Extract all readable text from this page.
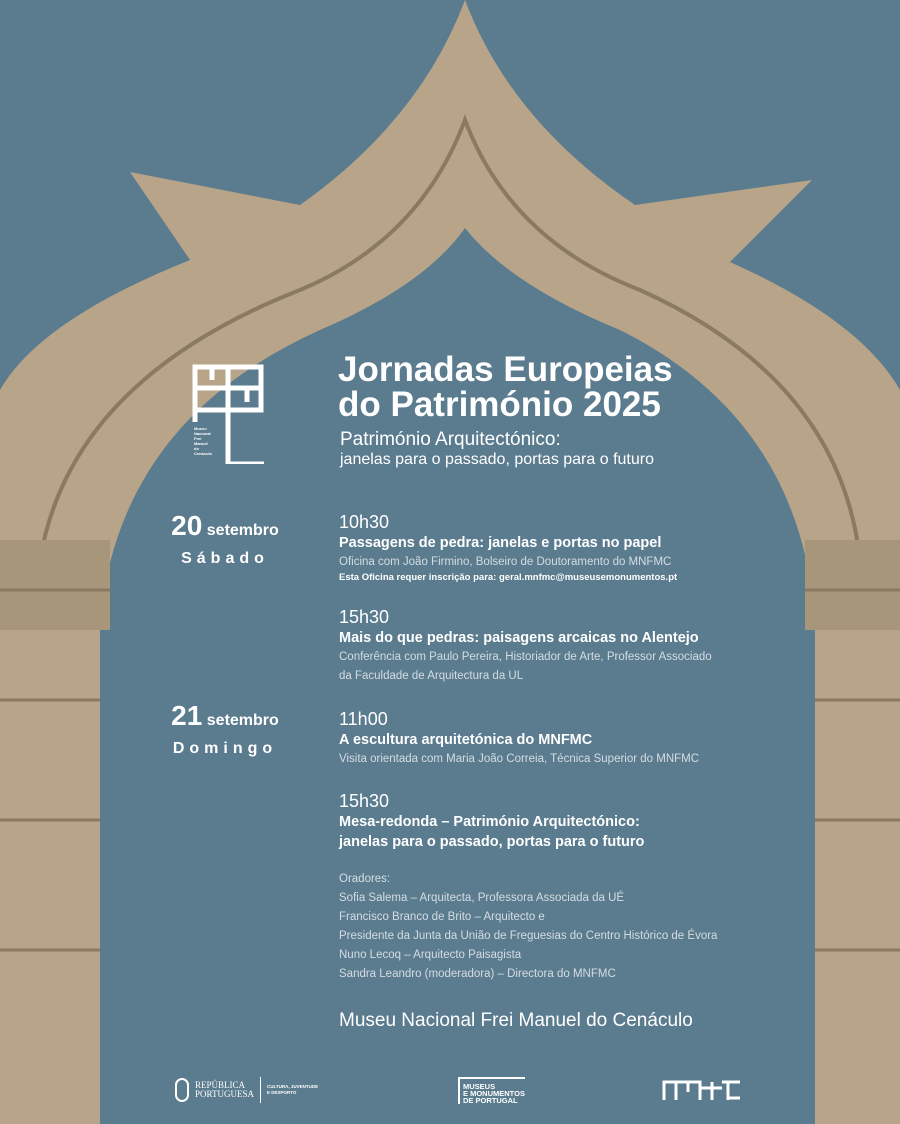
Museu
Nacional
Frei
Manuel
do
Cenáculo
Jornadas Europeias
do Património 2025
Património Arquitectónico:
janelas para o passado, portas para o futuro
20 setembro
Sábado
21 setembro
Domingo
10h30
Passagens de pedra: janelas e portas no papel
Oficina com João Firmino, Bolseiro de Doutoramento do MNFMC
Esta Oficina requer inscrição para: geral.mnfmc@museusemonumentos.pt
15h30
Mais do que pedras: paisagens arcaicas no Alentejo
Conferência com Paulo Pereira, Historiador de Arte, Professor Associado
da Faculdade de Arquitectura da UL
11h00
A escultura arquitetónica do MNFMC
Visita orientada com Maria João Correia, Técnica Superior do MNFMC
15h30
Mesa-redonda – Património Arquitectónico:
janelas para o passado, portas para o futuro
Oradores:
Sofia Salema – Arquitecta, Professora Associada da UÉ
Francisco Branco de Brito – Arquitecto e
Presidente da Junta da União de Freguesias do Centro Histórico de Évora
Nuno Lecoq – Arquitecto Paisagista
Sandra Leandro (moderadora) – Directora do MNFMC
Museu Nacional Frei Manuel do Cenáculo
REPÚBLICA
PORTUGUESA
CULTURA, JUVENTUDE
E DESPORTO
MUSEUS
E MONUMENTOS
DE PORTUGAL
